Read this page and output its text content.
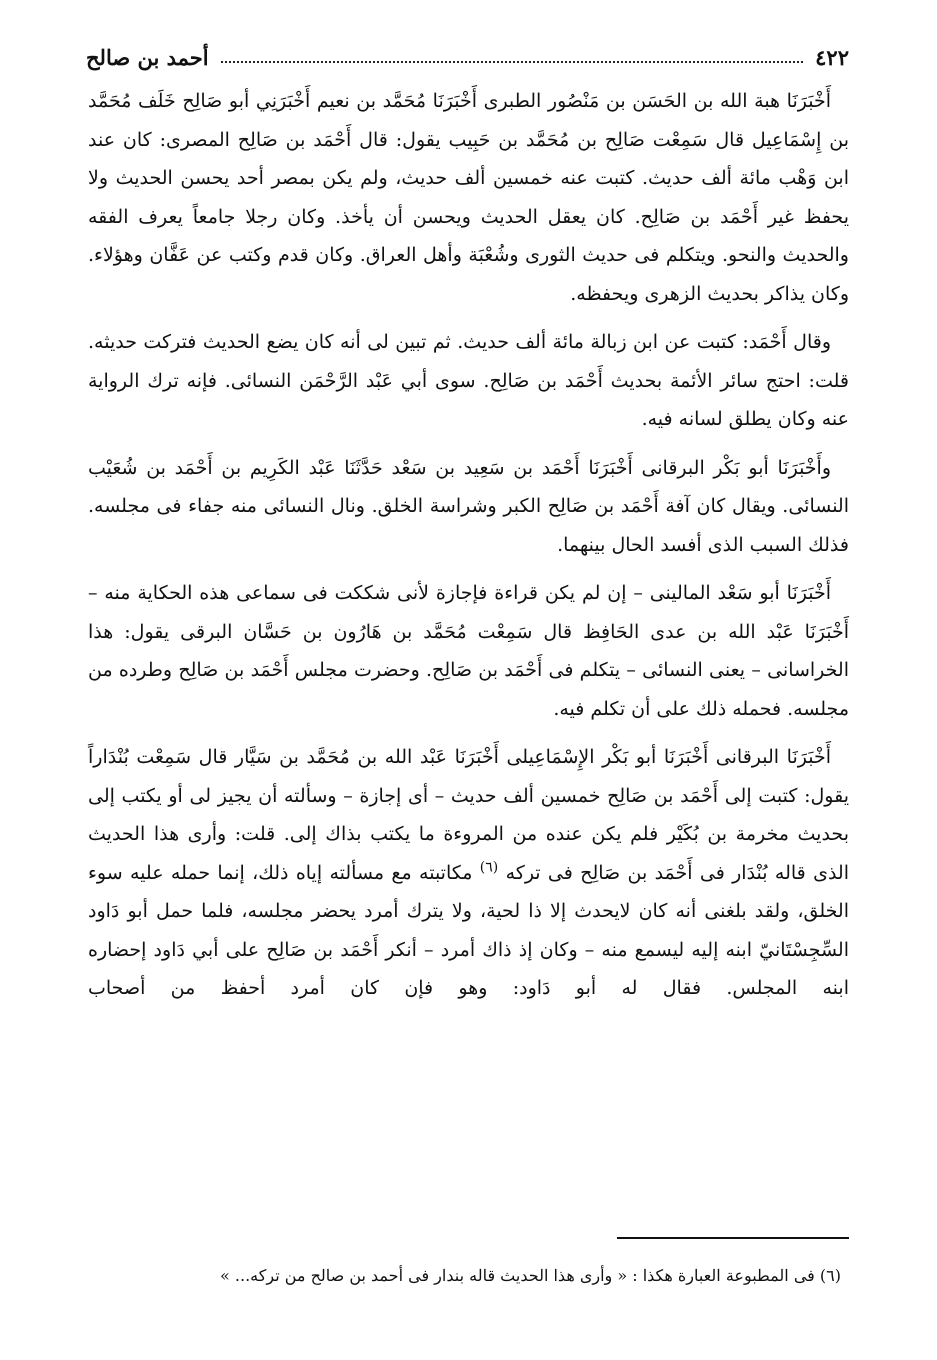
٤٢٢
أحمد بن صالح

أَخْبَرَنَا هبة الله بن الحَسَن بن مَنْصُور الطبرى أَخْبَرَنَا مُحَمَّد بن نعيم أَخْبَرَنِي أبو صَالِح خَلَف مُحَمَّد بن إِسْمَاعِيل قال سَمِعْت صَالِح بن مُحَمَّد بن حَبِيب يقول: قال أَحْمَد بن صَالِح المصرى: كان عند ابن وَهْب مائة ألف حديث. كتبت عنه خمسين ألف حديث، ولم يكن بمصر أحد يحسن الحديث ولا يحفظ غير أَحْمَد بن صَالِح. كان يعقل الحديث ويحسن أن يأخذ. وكان رجلا جامعاً يعرف الفقه والحديث والنحو. ويتكلم فى حديث الثورى وشُعْبَة وأهل العراق. وكان قدم وكتب عن عَفَّان وهؤلاء. وكان يذاكر بحديث الزهرى ويحفظه.

وقال أَحْمَد: كتبت عن ابن زبالة مائة ألف حديث. ثم تبين لى أنه كان يضع الحديث فتركت حديثه. قلت: احتج سائر الأئمة بحديث أَحْمَد بن صَالِح. سوى أبي عَبْد الرَّحْمَن النسائى. فإنه ترك الرواية عنه وكان يطلق لسانه فيه.

وأَخْبَرَنَا أبو بَكْر البرقانى أَخْبَرَنَا أَحْمَد بن سَعِيد بن سَعْد حَدَّثَنَا عَبْد الكَرِيم بن أَحْمَد بن شُعَيْب النسائى. ويقال كان آفة أَحْمَد بن صَالِح الكبر وشراسة الخلق. ونال النسائى منه جفاء فى مجلسه. فذلك السبب الذى أفسد الحال بينهما.

أَخْبَرَنَا أبو سَعْد المالينى – إن لم يكن قراءة فإجازة لأنى شككت فى سماعى هذه الحكاية منه – أَخْبَرَنَا عَبْد الله بن عدى الحَافِظ قال سَمِعْت مُحَمَّد بن هَارُون بن حَسَّان البرقى يقول: هذا الخراسانى – يعنى النسائى – يتكلم فى أَحْمَد بن صَالِح. وحضرت مجلس أَحْمَد بن صَالِح وطرده من مجلسه. فحمله ذلك على أن تكلم فيه.

أَخْبَرَنَا البرقانى أَخْبَرَنَا أبو بَكْر الإِسْمَاعِيلى أَخْبَرَنَا عَبْد الله بن مُحَمَّد بن سَيَّار قال سَمِعْت بُنْدَاراً يقول: كتبت إلى أَحْمَد بن صَالِح خمسين ألف حديث – أى إجازة – وسألته أن يجيز لى أو يكتب إلى بحديث مخرمة بن بُكَيْر فلم يكن عنده من المروءة ما يكتب بذاك إلى. قلت: وأرى هذا الحديث الذى قاله بُنْدَار فى أَحْمَد بن صَالِح فى تركه $^{(٦)}$ مكاتبته مع مسألته إياه ذلك، إنما حمله عليه سوء الخلق، ولقد بلغنى أنه كان لايحدث إلا ذا لحية، ولا يترك أمرد يحضر مجلسه، فلما حمل أبو دَاود السِّجِسْتَانيّ ابنه إليه ليسمع منه – وكان إذ ذاك أمرد – أنكر أَحْمَد بن صَالِح على أبي دَاود إحضاره ابنه المجلس. فقال له أبو دَاود: وهو فإن كان أمرد أحفظ من أصحاب

(٦) فى المطبوعة العبارة هكذا : « وأرى هذا الحديث قاله بندار فى أحمد بن صالح من تركه... »
